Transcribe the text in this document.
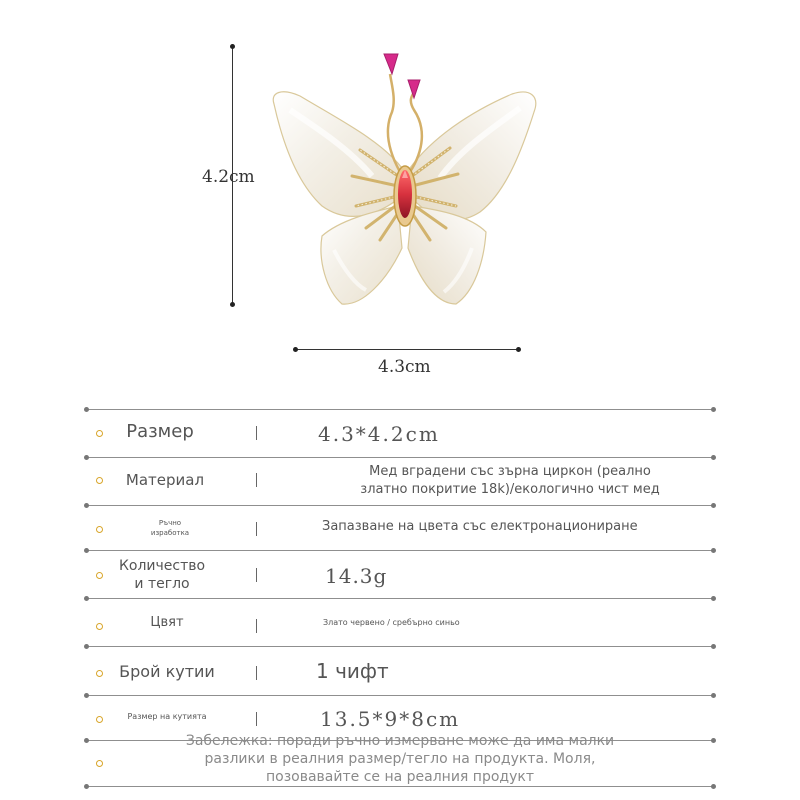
4.2cm
4.3cm
Размер	4.3*4.2cm
Материал	Мед вградени със зърна циркон (реално
златно покритие 18k)/екологично чист мед
Ръчно
изработка	Запазване на цвета със електронациониране
Количество
и тегло	14.3g
Цвят	Злато червено / сребърно синьо
Брой кутии	1 чифт
Размер на кутията	13.5*9*8cm
Забележка: поради ръчно измерване може да има малки
разлики в реалния размер/тегло на продукта. Моля,
позовавайте се на реалния продукт
